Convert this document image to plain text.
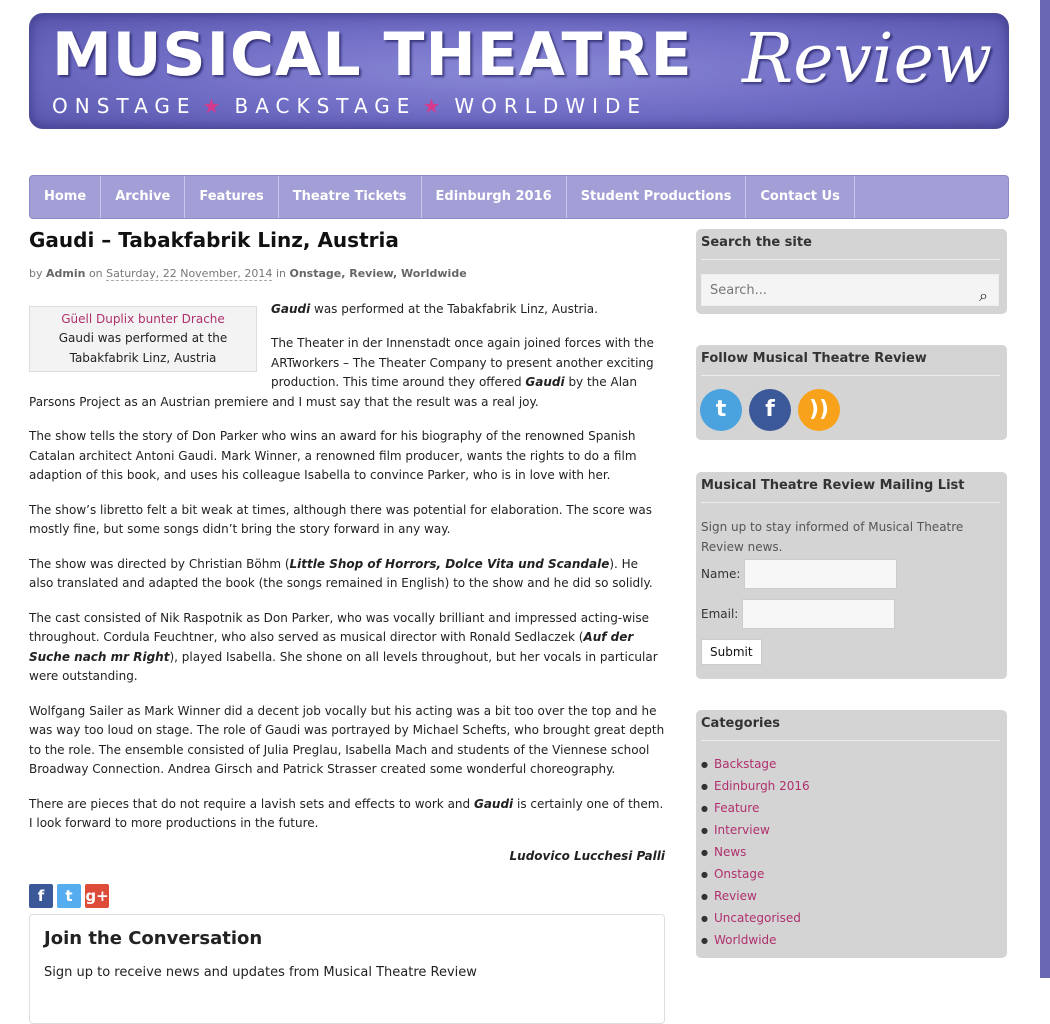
MUSICAL THEATRE Review
ONSTAGE ★ BACKSTAGE ★ WORLDWIDE
Home	Archive	Features	Theatre Tickets	Edinburgh 2016	Student Productions	Contact Us
Gaudi – Tabakfabrik Linz, Austria
by Admin on Saturday, 22 November, 2014 in Onstage, Review, Worldwide
Güell Duplix bunter Drache
Gaudi was performed at the Tabakfabrik Linz, Austria

Gaudi was performed at the Tabakfabrik Linz, Austria.

The Theater in der Innenstadt once again joined forces with the ARTworkers – The Theater Company to present another exciting production. This time around they offered Gaudi by the Alan Parsons Project as an Austrian premiere and I must say that the result was a real joy.

The show tells the story of Don Parker who wins an award for his biography of the renowned Spanish Catalan architect Antoni Gaudi. Mark Winner, a renowned film producer, wants the rights to do a film adaption of this book, and uses his colleague Isabella to convince Parker, who is in love with her.

The show’s libretto felt a bit weak at times, although there was potential for elaboration. The score was mostly fine, but some songs didn’t bring the story forward in any way.

The show was directed by Christian Böhm (Little Shop of Horrors, Dolce Vita und Scandale). He also translated and adapted the book (the songs remained in English) to the show and he did so solidly.

The cast consisted of Nik Raspotnik as Don Parker, who was vocally brilliant and impressed acting-wise throughout. Cordula Feuchtner, who also served as musical director with Ronald Sedlaczek (Auf der Suche nach mr Right), played Isabella. She shone on all levels throughout, but her vocals in particular were outstanding.

Wolfgang Sailer as Mark Winner did a decent job vocally but his acting was a bit too over the top and he was way too loud on stage. The role of Gaudi was portrayed by Michael Schefts, who brought great depth to the role. The ensemble consisted of Julia Preglau, Isabella Mach and students of the Viennese school Broadway Connection. Andrea Girsch and Patrick Strasser created some wonderful choreography.

There are pieces that do not require a lavish sets and effects to work and Gaudi is certainly one of them. I look forward to more productions in the future.

Ludovico Lucchesi Palli
f	t g+
Join the Conversation
Sign up to receive news and updates from Musical Theatre Review
Search the site
Search...	⌕
Follow Musical Theatre Review
t	f	))
Musical Theatre Review Mailing List
Sign up to stay informed of Musical Theatre Review news.
Name:
Email:
Submit
Categories
● Backstage
● Edinburgh 2016
● Feature
● Interview
● News
● Onstage
● Review
● Uncategorised
● Worldwide
